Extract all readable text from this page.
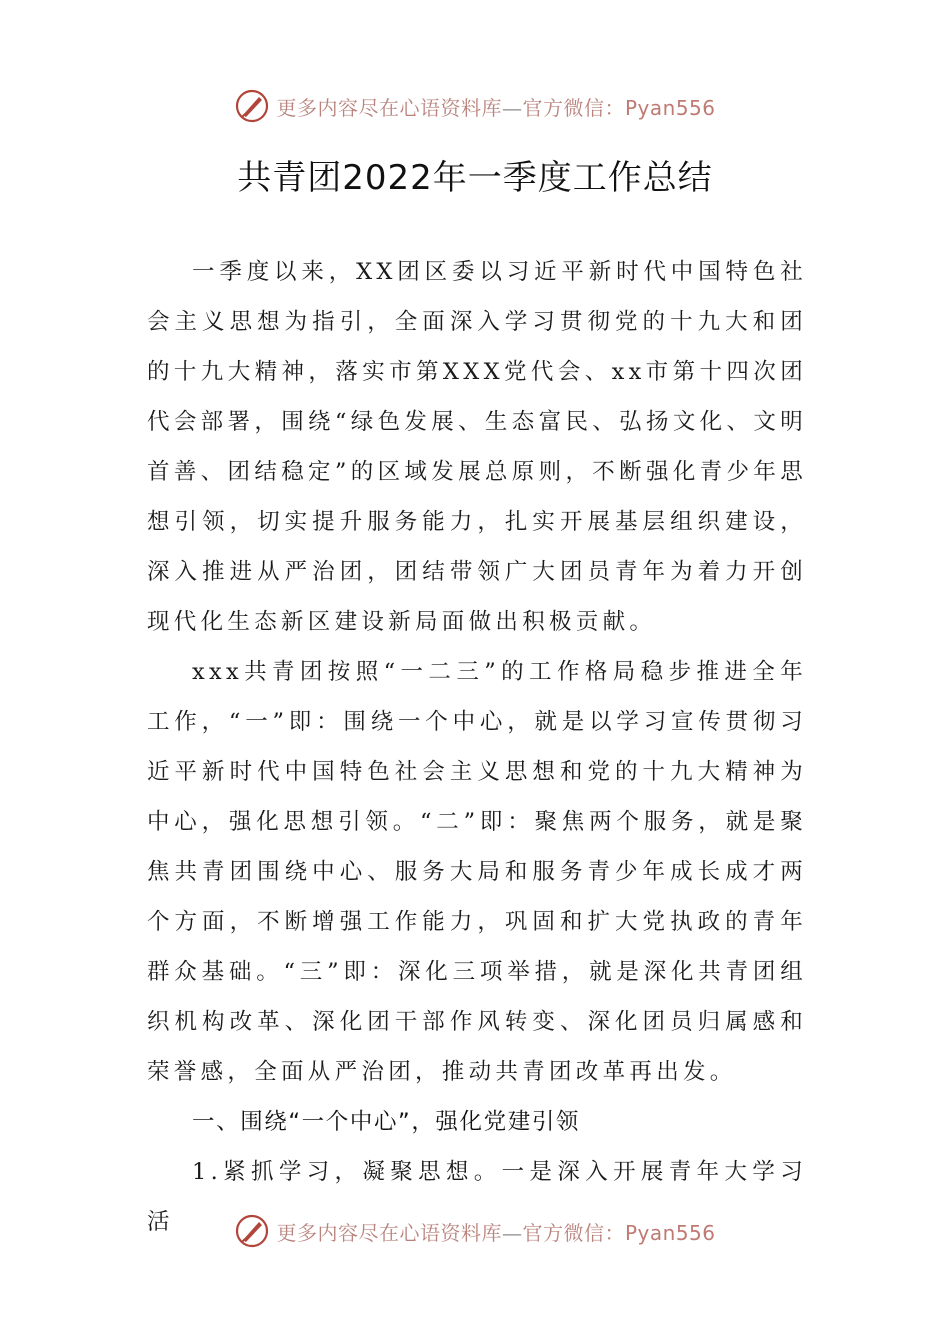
更多内容尽在心语资料库—官方微信：Pyan556
共青团2022年一季度工作总结

一季度以来，XX团区委以习近平新时代中国特色社会主义思想为指引，全面深入学习贯彻党的十九大和团的十九大精神，落实市第XXX党代会、xx市第十四次团代会部署，围绕“绿色发展、生态富民、弘扬文化、文明首善、团结稳定”的区域发展总原则，不断强化青少年思想引领，切实提升服务能力，扎实开展基层组织建设，深入推进从严治团，团结带领广大团员青年为着力开创现代化生态新区建设新局面做出积极贡献。

xxx共青团按照“一二三”的工作格局稳步推进全年工作，“一”即：围绕一个中心，就是以学习宣传贯彻习近平新时代中国特色社会主义思想和党的十九大精神为中心，强化思想引领。“二”即：聚焦两个服务，就是聚焦共青团围绕中心、服务大局和服务青少年成长成才两个方面，不断增强工作能力，巩固和扩大党执政的青年群众基础。“三”即：深化三项举措，就是深化共青团组织机构改革、深化团干部作风转变、深化团员归属感和荣誉感，全面从严治团，推动共青团改革再出发。

一、围绕“一个中心”，强化党建引领

1.紧抓学习，凝聚思想。一是深入开展青年大学习活	更多内容尽在心语资料库—官方微信：Pyan556
